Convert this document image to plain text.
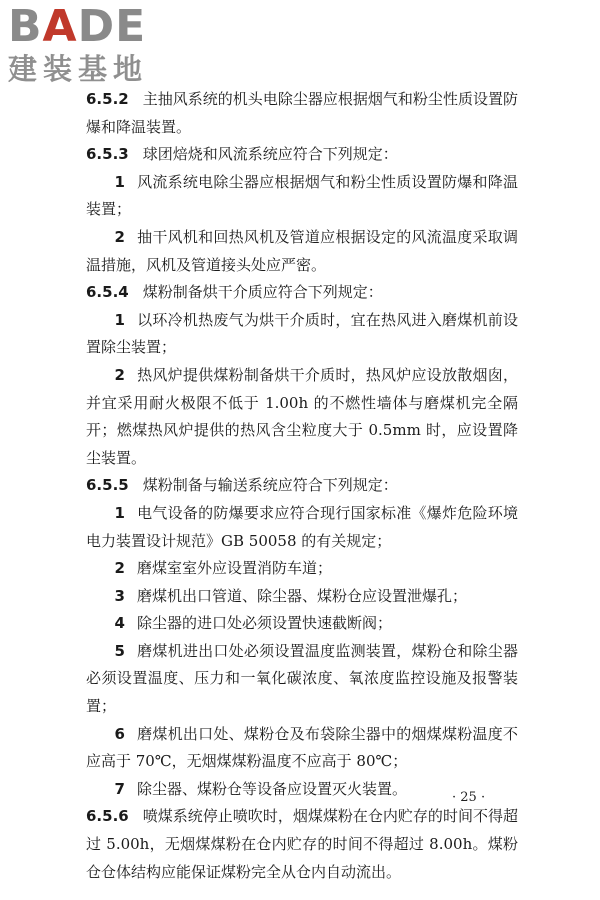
BADE
建装基地

6.5.2 主抽风系统的机头电除尘器应根据烟气和粉尘性质设置防爆和降温装置。

6.5.3 球团焙烧和风流系统应符合下列规定：

1 风流系统电除尘器应根据烟气和粉尘性质设置防爆和降温装置；

2 抽干风机和回热风机及管道应根据设定的风流温度采取调温措施，风机及管道接头处应严密。

6.5.4 煤粉制备烘干介质应符合下列规定：

1 以环冷机热废气为烘干介质时，宜在热风进入磨煤机前设置除尘装置；

2 热风炉提供煤粉制备烘干介质时，热风炉应设放散烟囱，并宜采用耐火极限不低于 1.00h 的不燃性墙体与磨煤机完全隔开；燃煤热风炉提供的热风含尘粒度大于 0.5mm 时，应设置降尘装置。

6.5.5 煤粉制备与输送系统应符合下列规定：

1 电气设备的防爆要求应符合现行国家标准《爆炸危险环境电力装置设计规范》GB 50058 的有关规定；

2 磨煤室室外应设置消防车道；

3 磨煤机出口管道、除尘器、煤粉仓应设置泄爆孔；

4 除尘器的进口处必须设置快速截断阀；

5 磨煤机进出口处必须设置温度监测装置，煤粉仓和除尘器必须设置温度、压力和一氧化碳浓度、氧浓度监控设施及报警装置；

6 磨煤机出口处、煤粉仓及布袋除尘器中的烟煤煤粉温度不应高于 70℃，无烟煤煤粉温度不应高于 80℃；

7 除尘器、煤粉仓等设备应设置灭火装置。

6.5.6 喷煤系统停止喷吹时，烟煤煤粉在仓内贮存的时间不得超过 5.00h，无烟煤煤粉在仓内贮存的时间不得超过 8.00h。煤粉仓仓体结构应能保证煤粉完全从仓内自动流出。

· 25 ·
